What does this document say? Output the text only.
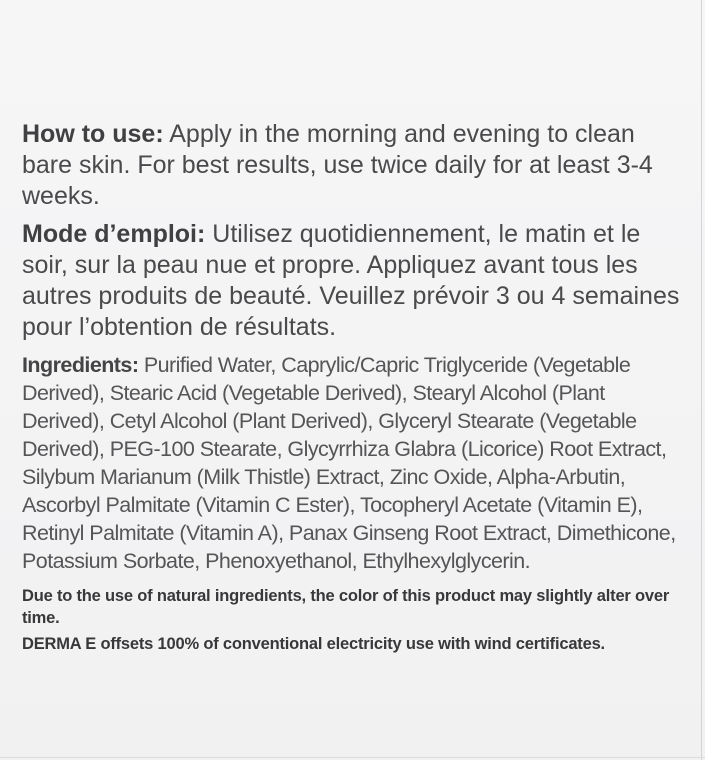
How to use: Apply in the morning and evening to clean bare skin. For best results, use twice daily for at least 3-4 weeks.

Mode d’emploi: Utilisez quotidiennement, le matin et le soir, sur la peau nue et propre. Appliquez avant tous les autres produits de beauté. Veuillez prévoir 3 ou 4 semaines pour l’obtention de résultats.

Ingredients: Purified Water, Caprylic/Capric Triglyceride (Vegetable Derived), Stearic Acid (Vegetable Derived), Stearyl Alcohol (Plant Derived), Cetyl Alcohol (Plant Derived), Glyceryl Stearate (Vegetable Derived), PEG-100 Stearate, Glycyrrhiza Glabra (Licorice) Root Extract, Silybum Marianum (Milk Thistle) Extract, Zinc Oxide, Alpha-Arbutin, Ascorbyl Palmitate (Vitamin C Ester), Tocopheryl Acetate (Vitamin E), Retinyl Palmitate (Vitamin A), Panax Ginseng Root Extract, Dimethicone, Potassium Sorbate, Phenoxyethanol, Ethylhexylglycerin.

Due to the use of natural ingredients, the color of this product may slightly alter over time.

DERMA E offsets 100% of conventional electricity use with wind certificates.
